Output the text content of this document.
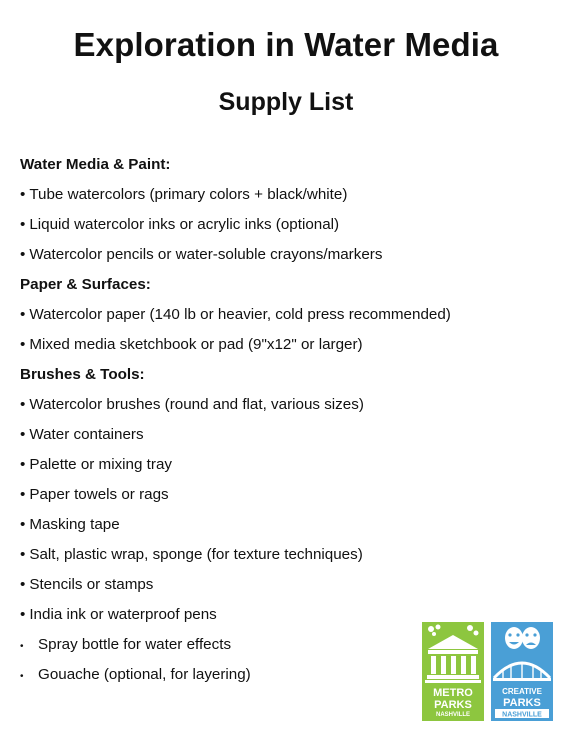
Exploration in Water Media
Supply List
Water Media & Paint:
• Tube watercolors (primary colors + black/white)
• Liquid watercolor inks or acrylic inks (optional)
• Watercolor pencils or water-soluble crayons/markers
Paper & Surfaces:
• Watercolor paper (140 lb or heavier, cold press recommended)
• Mixed media sketchbook or pad (9"x12" or larger)
Brushes & Tools:
• Watercolor brushes (round and flat, various sizes)
• Water containers
• Palette or mixing tray
• Paper towels or rags
• Masking tape
• Salt, plastic wrap, sponge (for texture techniques)
• Stencils or stamps
• India ink or waterproof pens
• Spray bottle for water effects
• Gouache (optional, for layering)
METRO
PARKS
NASHVILLE
CREATIVE
PARKS
NASHVILLE
